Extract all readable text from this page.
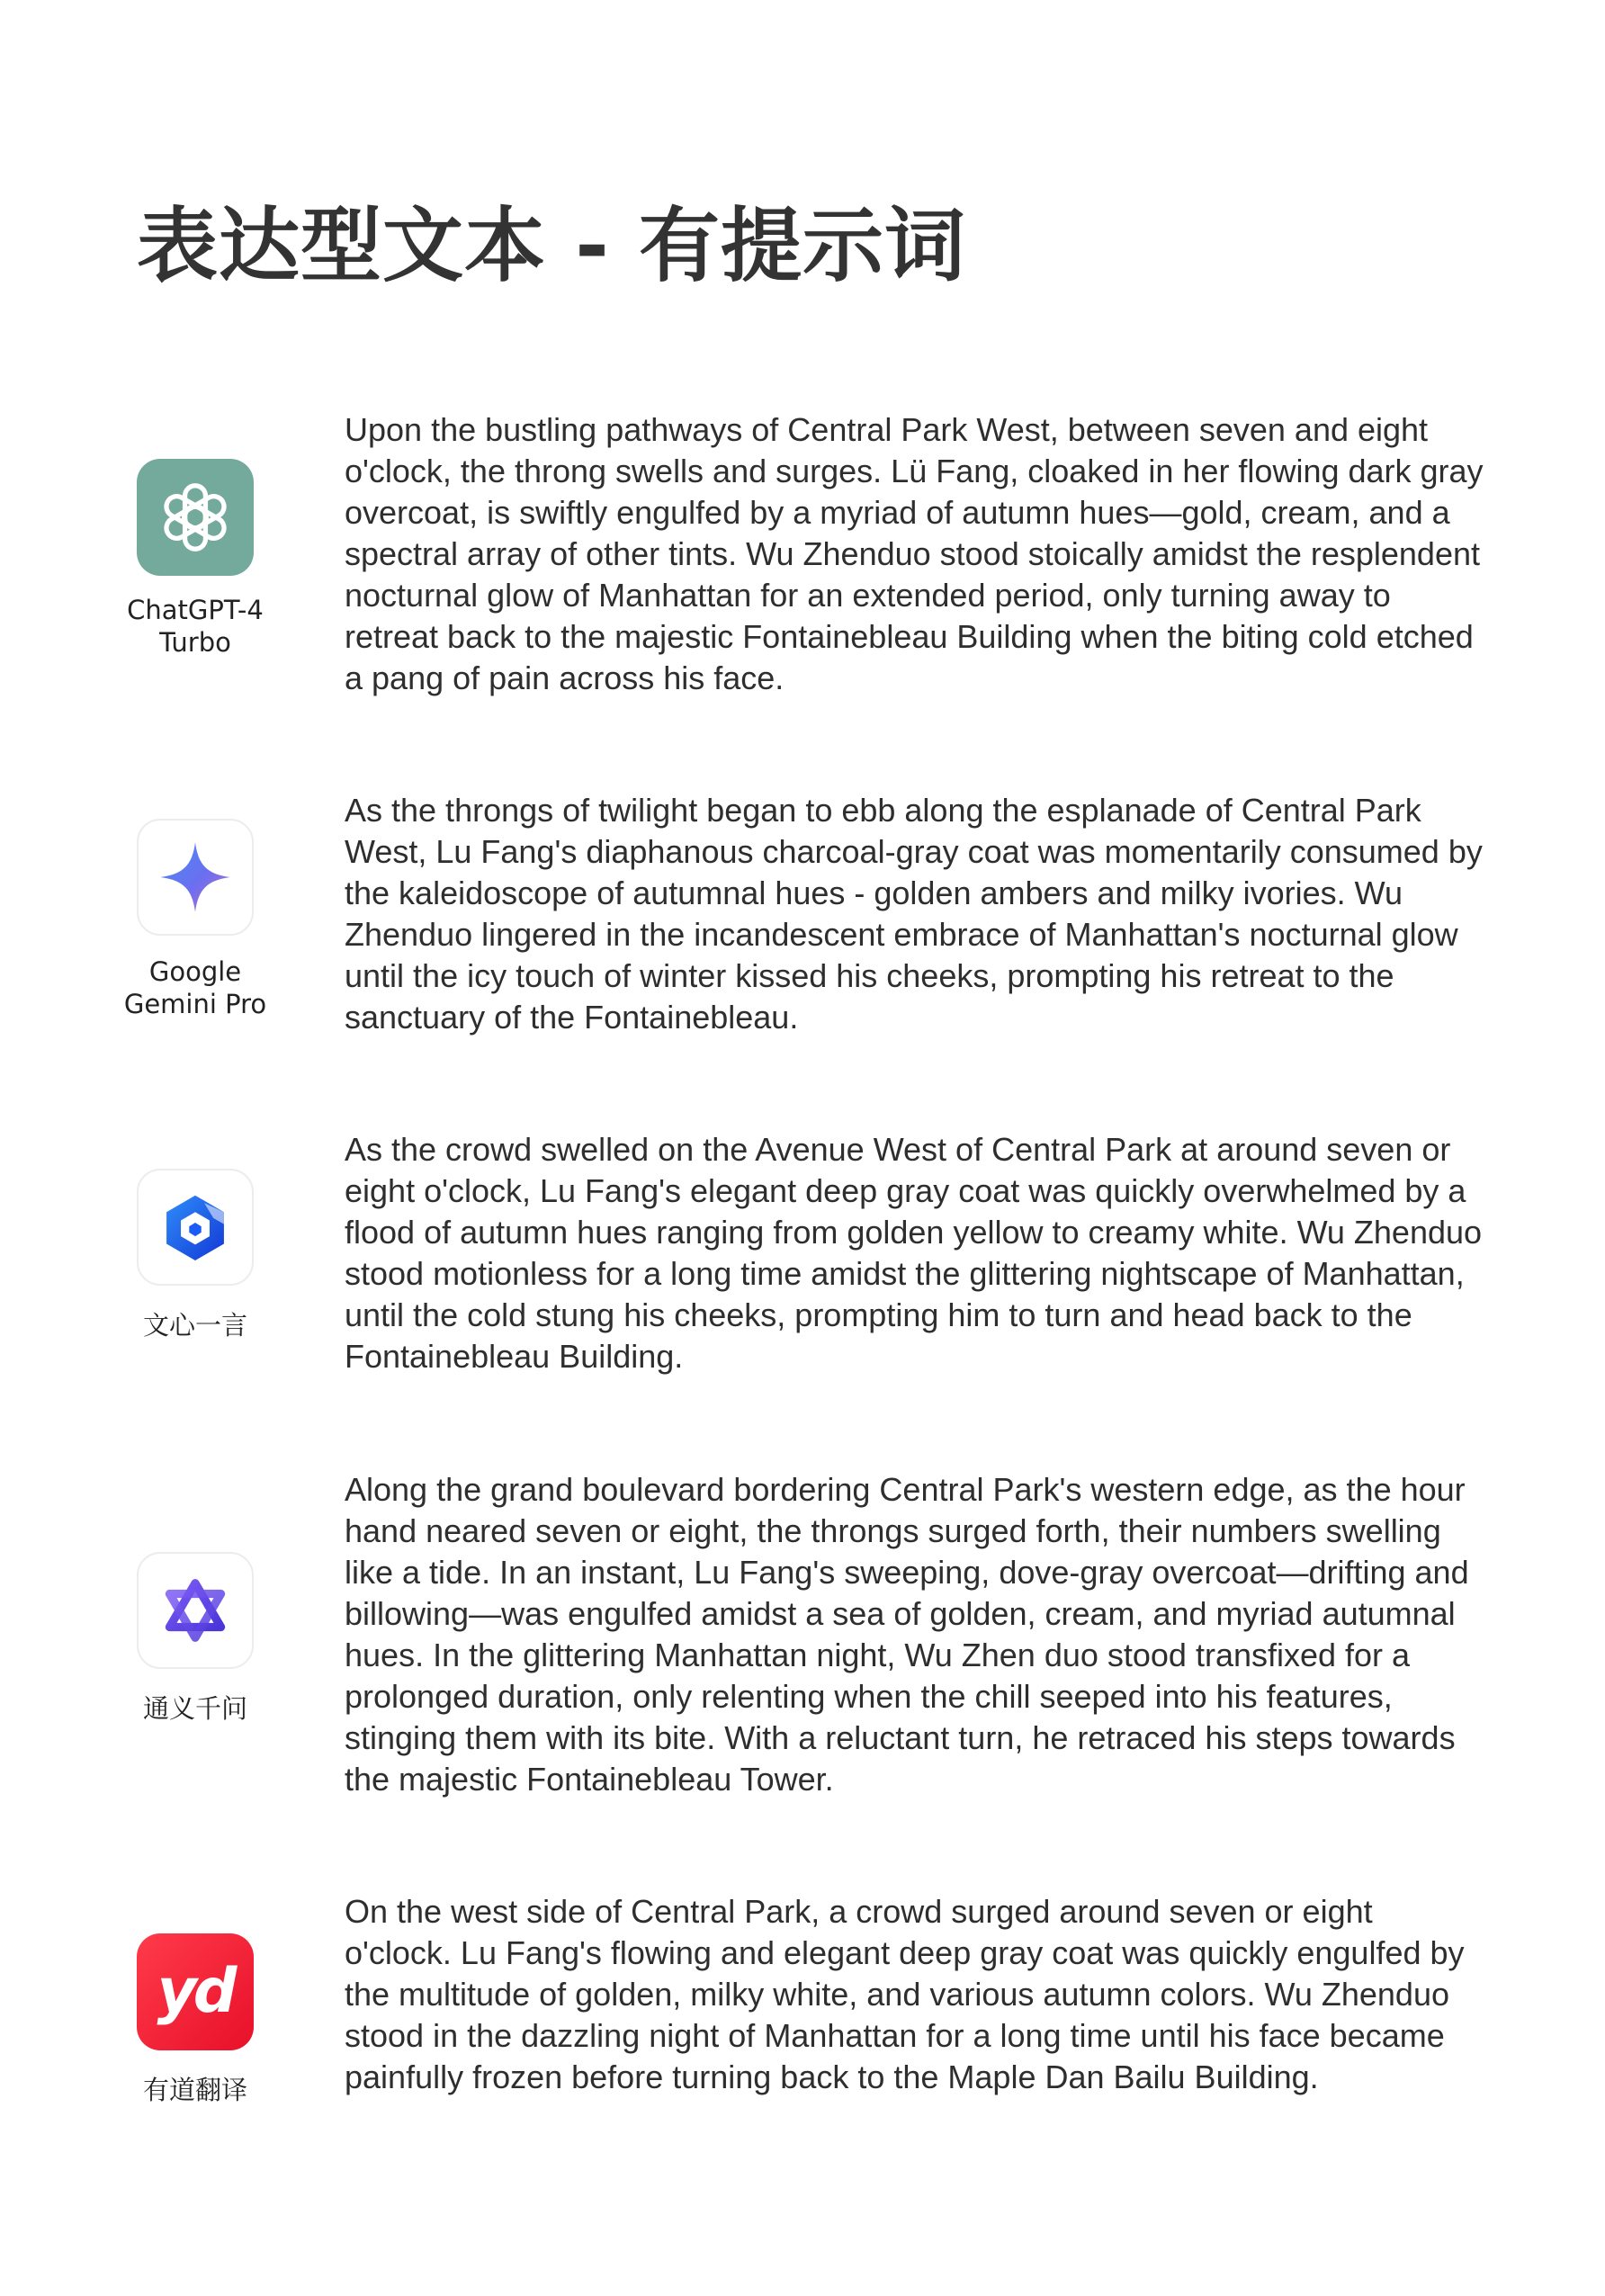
表达型文本 - 有提示词
ChatGPT-4
Turbo

Upon the bustling pathways of Central Park West, between seven and eight o'clock, the throng swells and surges. Lü Fang, cloaked in her flowing dark gray overcoat, is swiftly engulfed by a myriad of autumn hues—gold, cream, and a spectral array of other tints. Wu Zhenduo stood stoically amidst the resplendent nocturnal glow of Manhattan for an extended period, only turning away to retreat back to the majestic Fontainebleau Building when the biting cold etched a pang of pain across his face.

Google
Gemini Pro

As the throngs of twilight began to ebb along the esplanade of Central Park West, Lu Fang's diaphanous charcoal-gray coat was momentarily consumed by the kaleidoscope of autumnal hues - golden ambers and milky ivories. Wu Zhenduo lingered in the incandescent embrace of Manhattan's nocturnal glow until the icy touch of winter kissed his cheeks, prompting his retreat to the sanctuary of the Fontainebleau.

文心一言

As the crowd swelled on the Avenue West of Central Park at around seven or eight o'clock, Lu Fang's elegant deep gray coat was quickly overwhelmed by a flood of autumn hues ranging from golden yellow to creamy white. Wu Zhenduo stood motionless for a long time amidst the glittering nightscape of Manhattan, until the cold stung his cheeks, prompting him to turn and head back to the Fontainebleau Building.

通义千问

Along the grand boulevard bordering Central Park's western edge, as the hour hand neared seven or eight, the throngs surged forth, their numbers swelling like a tide. In an instant, Lu Fang's sweeping, dove-gray overcoat—drifting and billowing—was engulfed amidst a sea of golden, cream, and myriad autumnal hues. In the glittering Manhattan night, Wu Zhen duo stood transfixed for a prolonged duration, only relenting when the chill seeped into his features, stinging them with its bite. With a reluctant turn, he retraced his steps towards the majestic Fontainebleau Tower.

yd
有道翻译

On the west side of Central Park, a crowd surged around seven or eight o'clock. Lu Fang's flowing and elegant deep gray coat was quickly engulfed by the multitude of golden, milky white, and various autumn colors. Wu Zhenduo stood in the dazzling night of Manhattan for a long time until his face became painfully frozen before turning back to the Maple Dan Bailu Building.
